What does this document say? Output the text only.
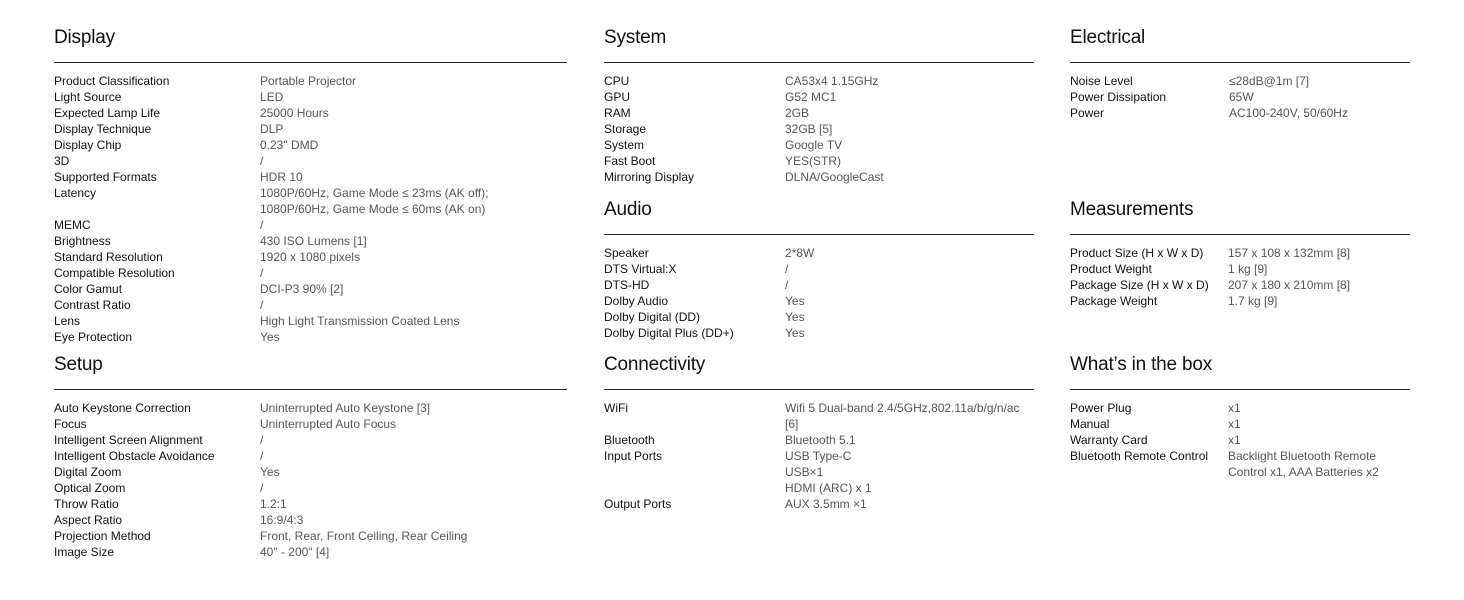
Display
Product Classification	Portable Projector
Light Source	LED
Expected Lamp Life	25000 Hours
Display Technique	DLP
Display Chip	0.23" DMD
3D	/
Supported Formats	HDR 10
Latency	1080P/60Hz, Game Mode ≤ 23ms (AK off);
1080P/60Hz, Game Mode ≤ 60ms (AK on)
MEMC	/
Brightness	430 ISO Lumens [1]
Standard Resolution	1920 x 1080 pixels
Compatible Resolution	/
Color Gamut	DCI-P3 90% [2]
Contrast Ratio	/
Lens	High Light Transmission Coated Lens
Eye Protection	Yes
Setup
Auto Keystone Correction	Uninterrupted Auto Keystone [3]
Focus	Uninterrupted Auto Focus
Intelligent Screen Alignment	/
Intelligent Obstacle Avoidance	/
Digital Zoom	Yes
Optical Zoom	/
Throw Ratio	1.2:1
Aspect Ratio	16:9/4:3
Projection Method	Front, Rear, Front Ceiling, Rear Ceiling
Image Size	40" - 200" [4]
System
CPU	CA53x4 1.15GHz
GPU	G52 MC1
RAM	2GB
Storage	32GB [5]
System	Google TV
Fast Boot	YES(STR)
Mirroring Display	DLNA/GoogleCast
Audio
Speaker	2*8W
DTS Virtual:X	/
DTS-HD	/
Dolby Audio	Yes
Dolby Digital (DD)	Yes
Dolby Digital Plus (DD+)	Yes
Connectivity
WiFi	Wifi 5 Dual-band 2.4/5GHz,802.11a/b/g/n/ac [6]
Bluetooth	Bluetooth 5.1
Input Ports	USB Type-C
USB×1
HDMI (ARC) x 1
Output Ports	AUX 3.5mm ×1
Electrical
Noise Level	≤28dB@1m [7]
Power Dissipation	65W
Power	AC100-240V, 50/60Hz
Measurements
Product Size (H x W x D)	157 x 108 x 132mm [8]
Product Weight	1 kg [9]
Package Size (H x W x D)	207 x 180 x 210mm [8]
Package Weight	1.7 kg [9]
What’s in the box
Power Plug	x1
Manual	x1
Warranty Card	x1
Bluetooth Remote Control	Backlight Bluetooth Remote
Control x1, AAA Batteries x2
